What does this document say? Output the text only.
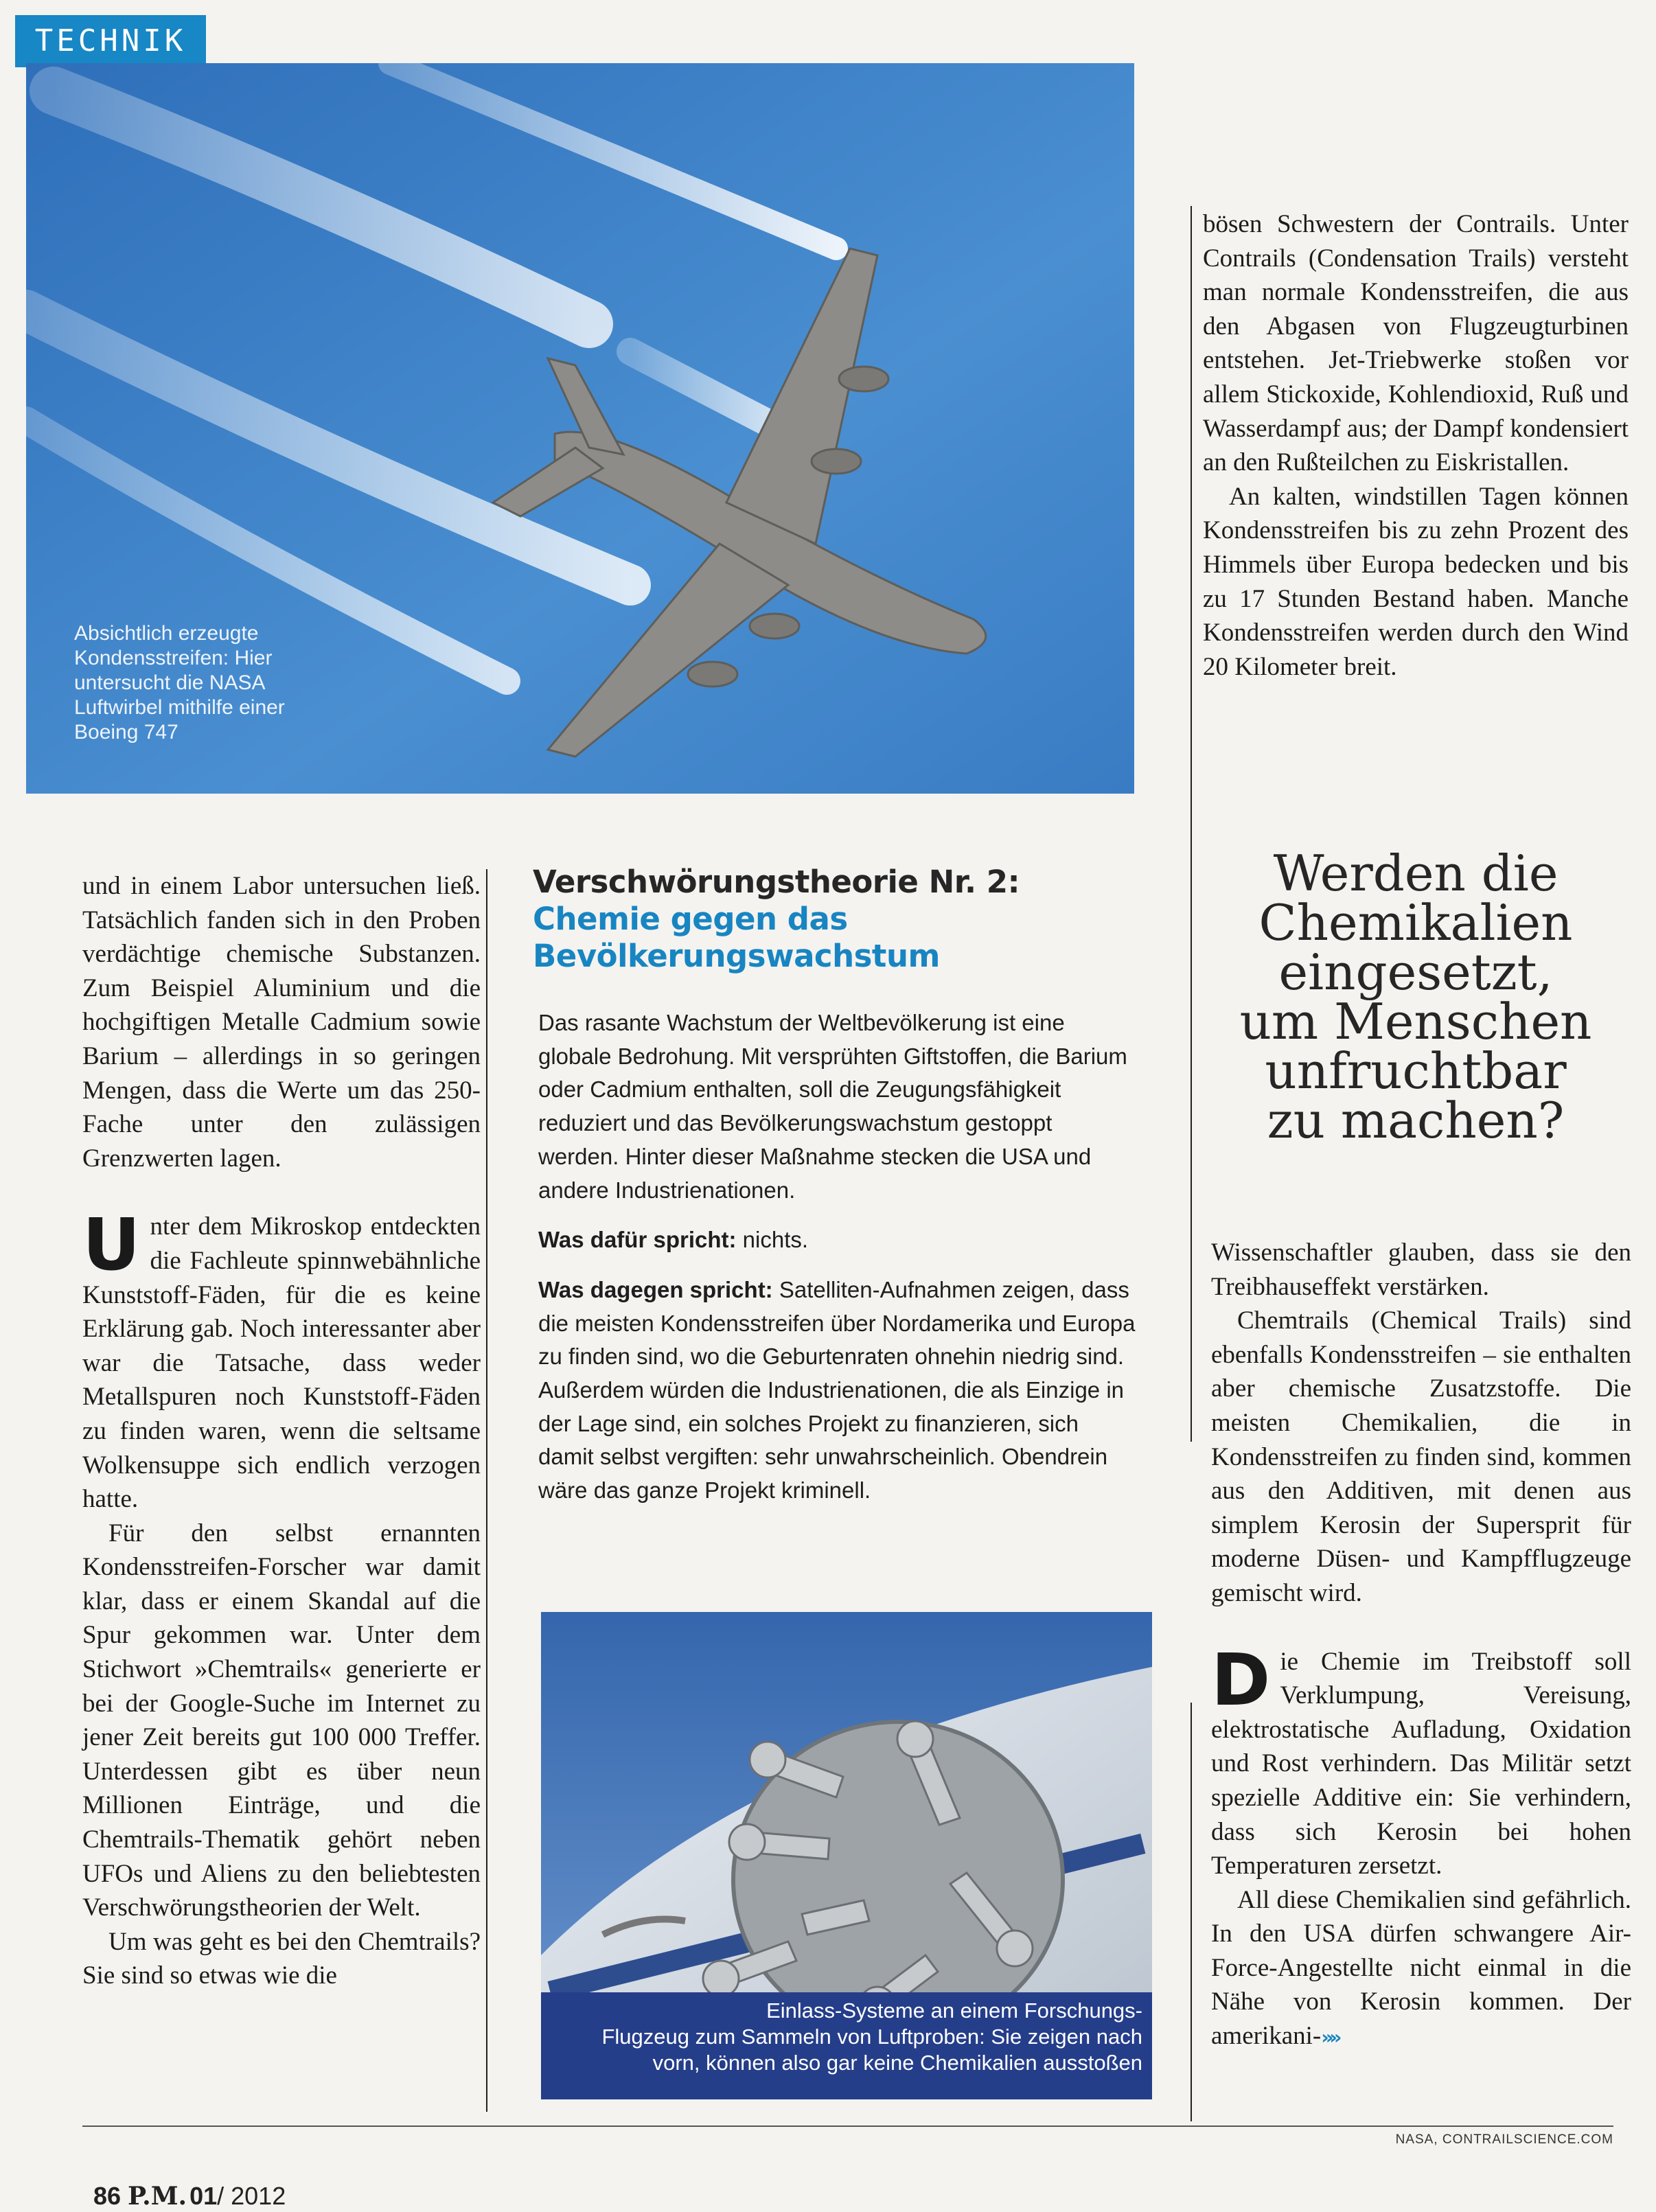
TECHNIK
Absichtlich erzeugte
Kondensstreifen: Hier
untersucht die NASA
Luftwirbel mithilfe einer
Boeing 747

und in einem Labor untersuchen ließ. Tatsächlich fanden sich in den Proben verdächtige chemische Substanzen. Zum Beispiel Aluminium und die hochgiftigen Metalle Cadmium sowie Barium – allerdings in so geringen Mengen, dass die Werte um das 250-Fache unter den zulässigen Grenzwerten lagen.

Unter dem Mikroskop entdeckten die Fachleute spinnwebähnliche Kunststoff-Fäden, für die es keine Erklärung gab. Noch interessanter aber war die Tatsache, dass weder Metallspuren noch Kunststoff-Fäden zu finden waren, wenn die seltsame Wolkensuppe sich endlich verzogen hatte.

Für den selbst ernannten Kondensstreifen-Forscher war damit klar, dass er einem Skandal auf die Spur gekommen war. Unter dem Stichwort »Chemtrails« generierte er bei der Google-Suche im Internet zu jener Zeit bereits gut 100 000 Treffer. Unterdessen gibt es über neun Millionen Einträge, und die Chemtrails-Thematik gehört neben UFOs und Aliens zu den beliebtesten Verschwörungstheorien der Welt.

Um was geht es bei den Chemtrails? Sie sind so etwas wie die

Verschwörungstheorie Nr. 2:
Chemie gegen das
Bevölkerungswachstum

Das rasante Wachstum der Weltbevölkerung ist eine globale Bedrohung. Mit versprühten Giftstoffen, die Barium oder Cadmium enthalten, soll die Zeugungsfähigkeit reduziert und das Bevölkerungswachstum gestoppt werden. Hinter dieser Maßnahme stecken die USA und andere Industrienationen.

Was dafür spricht: nichts.

Was dagegen spricht: Satelliten-Aufnahmen zeigen, dass die meisten Kondensstreifen über Nordamerika und Europa zu finden sind, wo die Geburtenraten ohnehin niedrig sind. Außerdem würden die Industrienationen, die als Einzige in der Lage sind, ein solches Projekt zu finanzieren, sich damit selbst vergiften: sehr unwahrscheinlich. Obendrein wäre das ganze Projekt kriminell.

Einlass-Systeme an einem Forschungs-
Flugzeug zum Sammeln von Luftproben: Sie zeigen nach
vorn, können also gar keine Chemikalien ausstoßen

bösen Schwestern der Contrails. Unter Contrails (Condensation Trails) versteht man normale Kondensstreifen, die aus den Abgasen von Flugzeugturbinen entstehen. Jet-Triebwerke stoßen vor allem Stickoxide, Kohlendioxid, Ruß und Wasserdampf aus; der Dampf kondensiert an den Rußteilchen zu Eiskristallen.

An kalten, windstillen Tagen können Kondensstreifen bis zu zehn Prozent des Himmels über Europa bedecken und bis zu 17 Stunden Bestand haben. Manche Kondensstreifen werden durch den Wind 20 Kilometer breit.

Werden die
Chemikalien
eingesetzt,
um Menschen
unfruchtbar
zu machen?

Wissenschaftler glauben, dass sie den Treibhauseffekt verstärken.

Chemtrails (Chemical Trails) sind ebenfalls Kondensstreifen – sie enthalten aber chemische Zusatzstoffe. Die meisten Chemikalien, die in Kondensstreifen zu finden sind, kommen aus den Additiven, mit denen aus simplem Kerosin der Supersprit für moderne Düsen- und Kampfflugzeuge gemischt wird.

Die Chemie im Treibstoff soll Verklumpung, Vereisung, elektrostatische Aufladung, Oxidation und Rost verhindern. Das Militär setzt spezielle Additive ein: Sie verhindern, dass sich Kerosin bei hohen Temperaturen zersetzt.

All diese Chemikalien sind gefährlich. In den USA dürfen schwangere Air-Force-Angestellte nicht einmal in die Nähe von Kerosin kommen. Der amerikani-»»

NASA, CONTRAILSCIENCE.COM
86 P.M. 01/ 2012
